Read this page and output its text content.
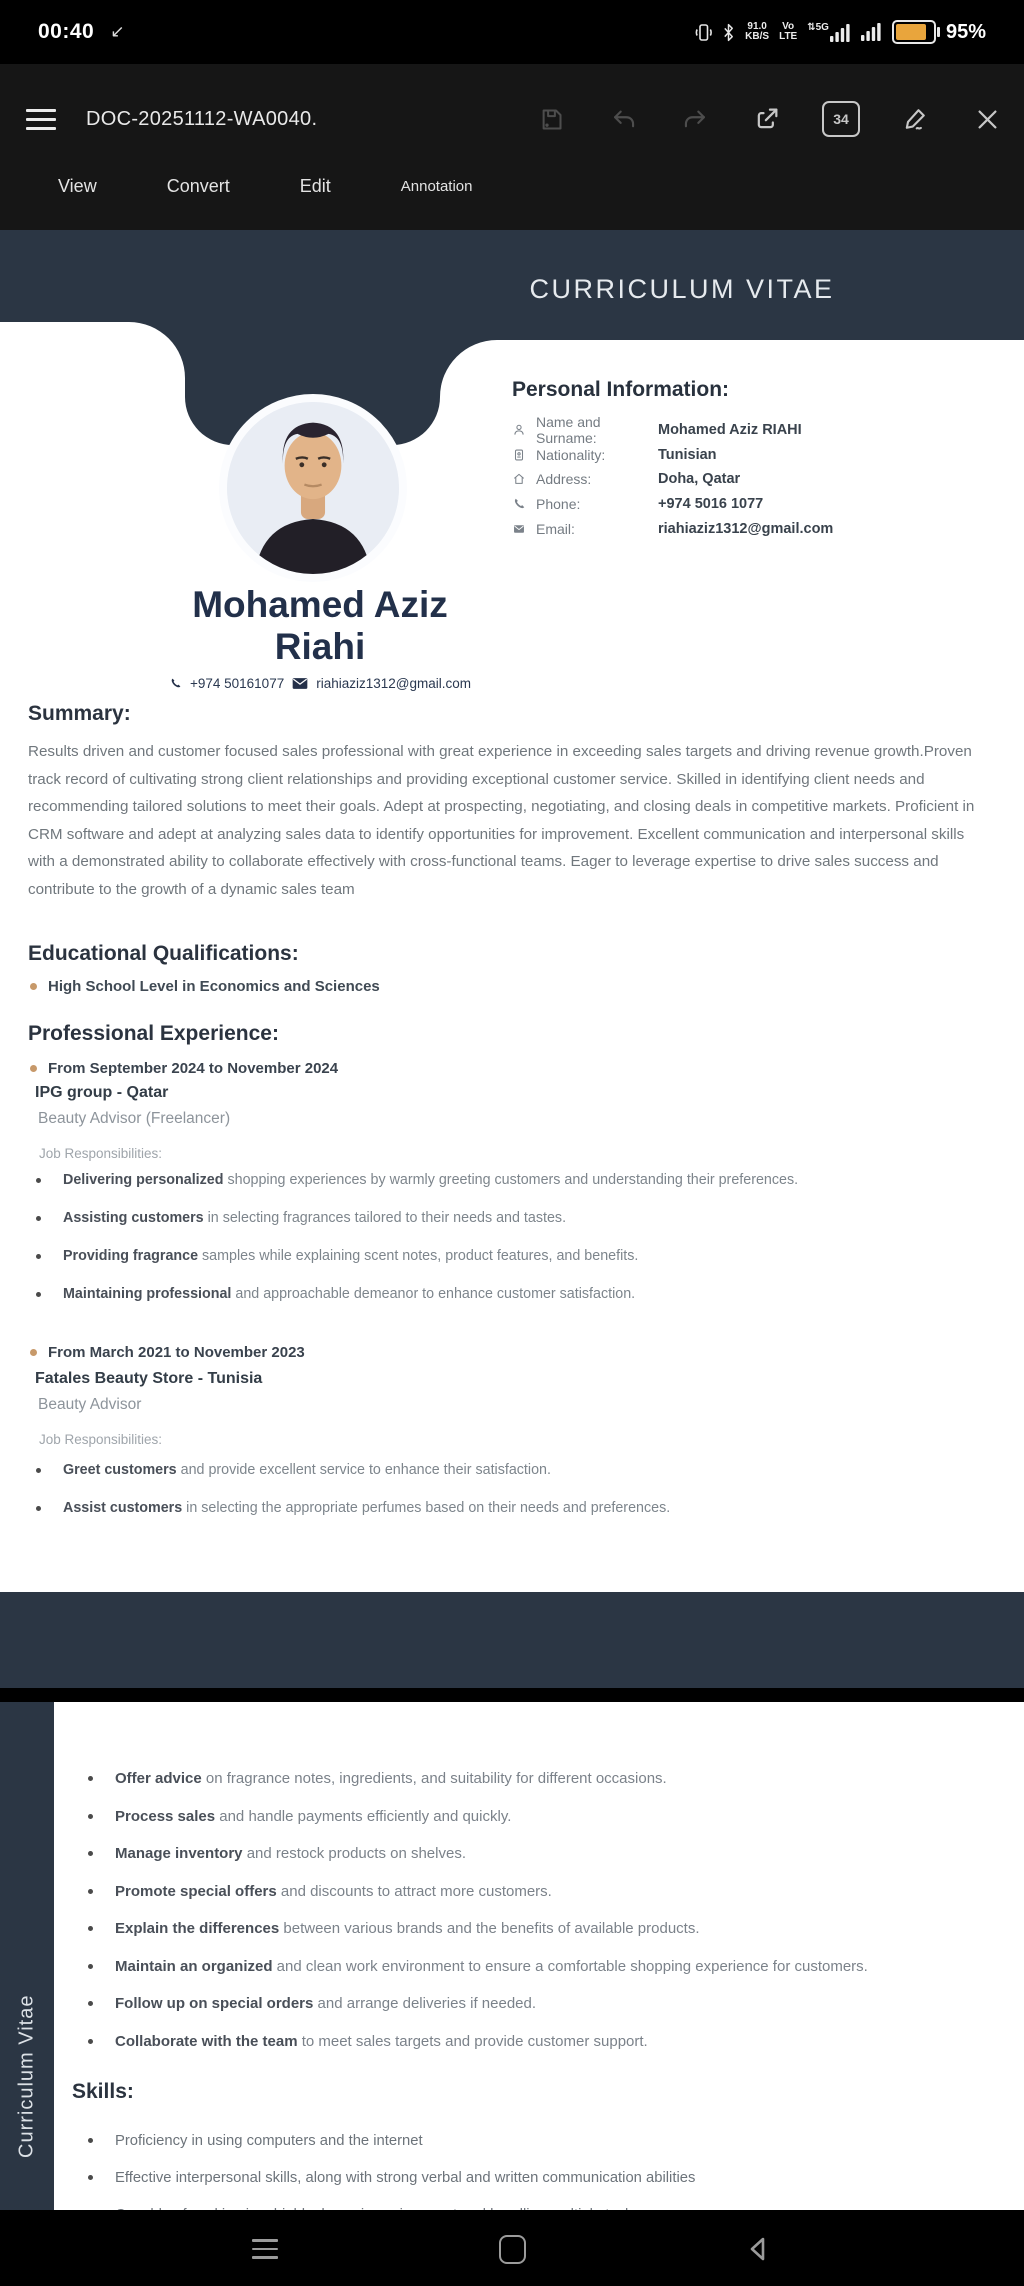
00:40 ↙	91.0
KB/S
Vo
LTE
⇅5G	95%
DOC-20251112-WA0040.	34
View	Convert	Edit	Annotation
CURRICULUM VITAE
Personal Information:
Name and Surname:	Mohamed Aziz RIAHI
Nationality:	Tunisian
Address:	Doha, Qatar
Phone:	+974 5016 1077
Email:	riahiaziz1312@gmail.com
Mohamed Aziz
Riahi
+974 50161077 riahiaziz1312@gmail.com
Summary:
Results driven and customer focused sales professional with great experience in exceeding sales targets and driving revenue growth.Proven track record of cultivating strong client relationships and providing exceptional customer service. Skilled in identifying client needs and recommending tailored solutions to meet their goals. Adept at prospecting, negotiating, and closing deals in competitive markets. Proficient in CRM software and adept at analyzing sales data to identify opportunities for improvement. Excellent communication and interpersonal skills with a demonstrated ability to collaborate effectively with cross-functional teams. Eager to leverage expertise to drive sales success and contribute to the growth of a dynamic sales team
Educational Qualifications:
High School Level in Economics and Sciences
Professional Experience:
From September 2024 to November 2024
IPG group - Qatar
Beauty Advisor (Freelancer)
Job Responsibilities:
Delivering personalized shopping experiences by warmly greeting customers and understanding their preferences.
Assisting customers in selecting fragrances tailored to their needs and tastes.
Providing fragrance samples while explaining scent notes, product features, and benefits.
Maintaining professional and approachable demeanor to enhance customer satisfaction.
From March 2021 to November 2023
Fatales Beauty Store - Tunisia
Beauty Advisor
Job Responsibilities:
Greet customers and provide excellent service to enhance their satisfaction.
Assist customers in selecting the appropriate perfumes based on their needs and preferences.
Curriculum Vitae
Offer advice on fragrance notes, ingredients, and suitability for different occasions.
Process sales and handle payments efficiently and quickly.
Manage inventory and restock products on shelves.
Promote special offers and discounts to attract more customers.
Explain the differences between various brands and the benefits of available products.
Maintain an organized and clean work environment to ensure a comfortable shopping experience for customers.
Follow up on special orders and arrange deliveries if needed.
Collaborate with the team to meet sales targets and provide customer support.
Skills:
Proficiency in using computers and the internet
Effective interpersonal skills, along with strong verbal and written communication abilities
